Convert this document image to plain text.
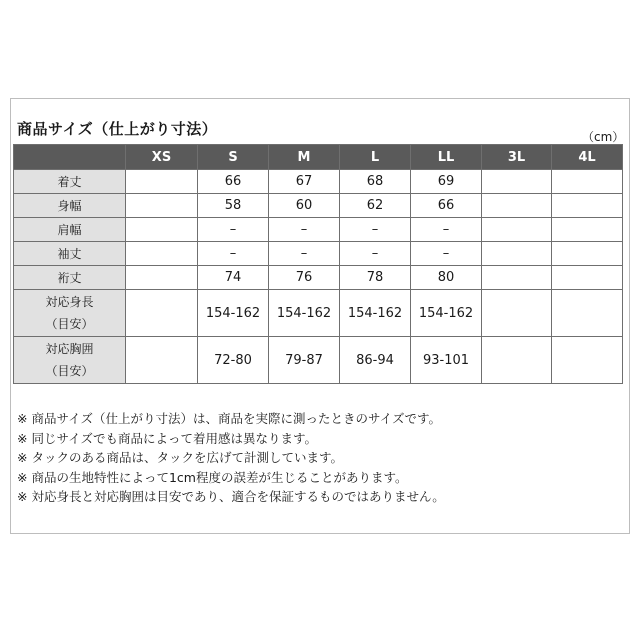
商品サイズ（仕上がり寸法）	（cm）
	XS	S	M	L	LL	3L	4L
着丈		66	67	68	69		
身幅		58	60	62	66		
肩幅		–	–	–	–		
袖丈		–	–	–	–		
裄丈		74	76	78	80		

対応身長
（目安）		154-162	154-162	154-162	154-162		

対応胸囲
（目安）		72-80	79-87	86-94	93-101		
※ 商品サイズ（仕上がり寸法）は、商品を実際に測ったときのサイズです。
※ 同じサイズでも商品によって着用感は異なります。
※ タックのある商品は、タックを広げて計測しています。
※ 商品の生地特性によって1cm程度の誤差が生じることがあります。
※ 対応身長と対応胸囲は目安であり、適合を保証するものではありません。
